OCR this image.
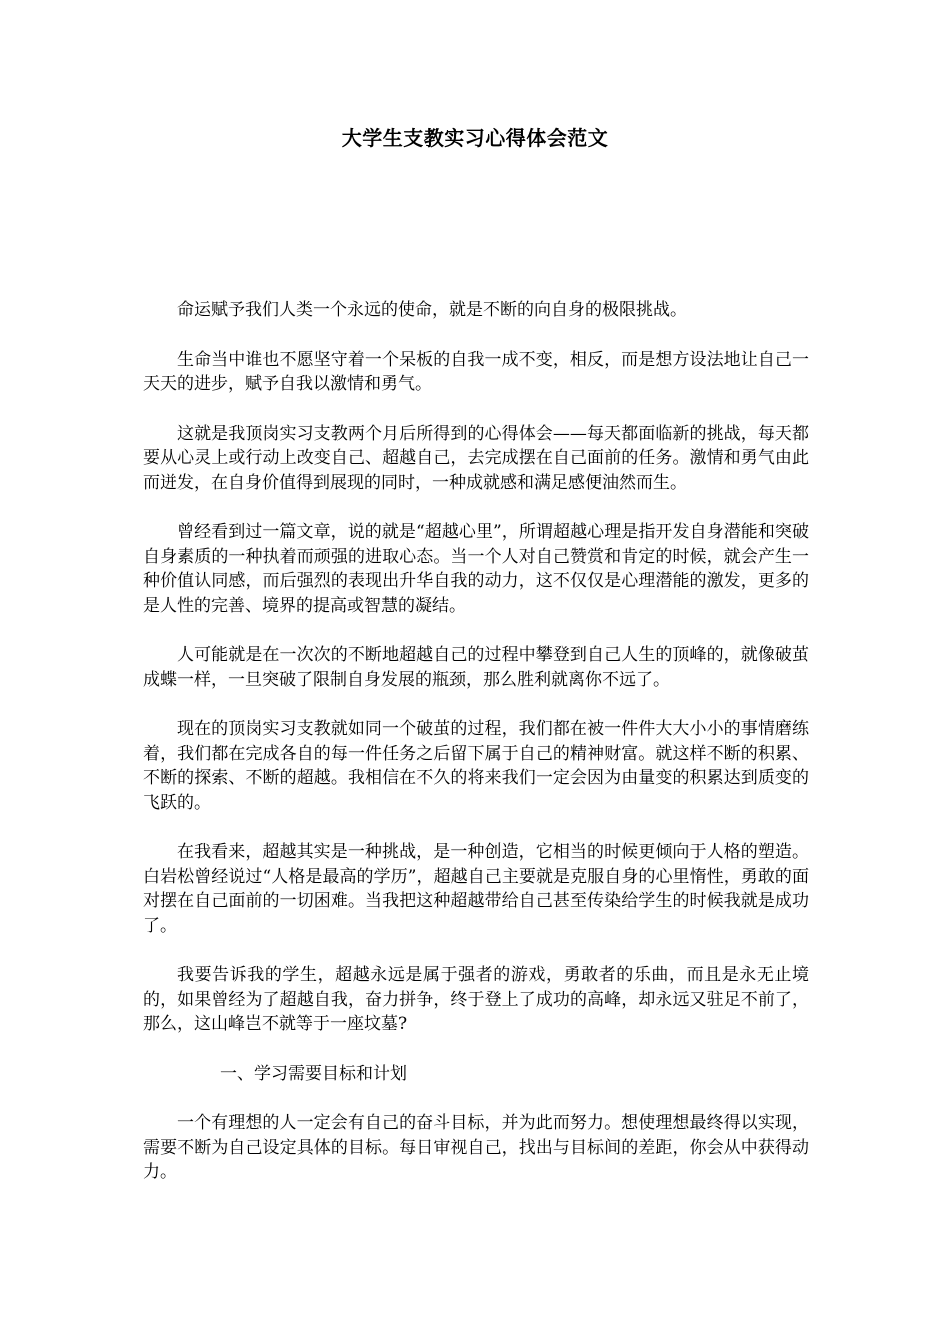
大学生支教实习心得体会范文

命运赋予我们人类一个永远的使命，就是不断的向自身的极限挑战。

生命当中谁也不愿坚守着一个呆板的自我一成不变，相反，而是想方设法地让自己一天天的进步，赋予自我以激情和勇气。

这就是我顶岗实习支教两个月后所得到的心得体会——每天都面临新的挑战，每天都要从心灵上或行动上改变自己、超越自己，去完成摆在自己面前的任务。激情和勇气由此而迸发，在自身价值得到展现的同时，一种成就感和满足感便油然而生。

曾经看到过一篇文章，说的就是“超越心里”，所谓超越心理是指开发自身潜能和突破自身素质的一种执着而顽强的进取心态。当一个人对自己赞赏和肯定的时候，就会产生一种价值认同感，而后强烈的表现出升华自我的动力，这不仅仅是心理潜能的激发，更多的是人性的完善、境界的提高或智慧的凝结。

人可能就是在一次次的不断地超越自己的过程中攀登到自己人生的顶峰的，就像破茧成蝶一样，一旦突破了限制自身发展的瓶颈，那么胜利就离你不远了。

现在的顶岗实习支教就如同一个破茧的过程，我们都在被一件件大大小小的事情磨练着，我们都在完成各自的每一件任务之后留下属于自己的精神财富。就这样不断的积累、不断的探索、不断的超越。我相信在不久的将来我们一定会因为由量变的积累达到质变的飞跃的。

在我看来，超越其实是一种挑战，是一种创造，它相当的时候更倾向于人格的塑造。白岩松曾经说过“人格是最高的学历”，超越自己主要就是克服自身的心里惰性，勇敢的面对摆在自己面前的一切困难。当我把这种超越带给自己甚至传染给学生的时候我就是成功了。

我要告诉我的学生，超越永远是属于强者的游戏，勇敢者的乐曲，而且是永无止境的，如果曾经为了超越自我，奋力拼争，终于登上了成功的高峰，却永远又驻足不前了，那么，这山峰岂不就等于一座坟墓?

一、学习需要目标和计划

一个有理想的人一定会有自己的奋斗目标，并为此而努力。想使理想最终得以实现，需要不断为自己设定具体的目标。每日审视自己，找出与目标间的差距，你会从中获得动力。
